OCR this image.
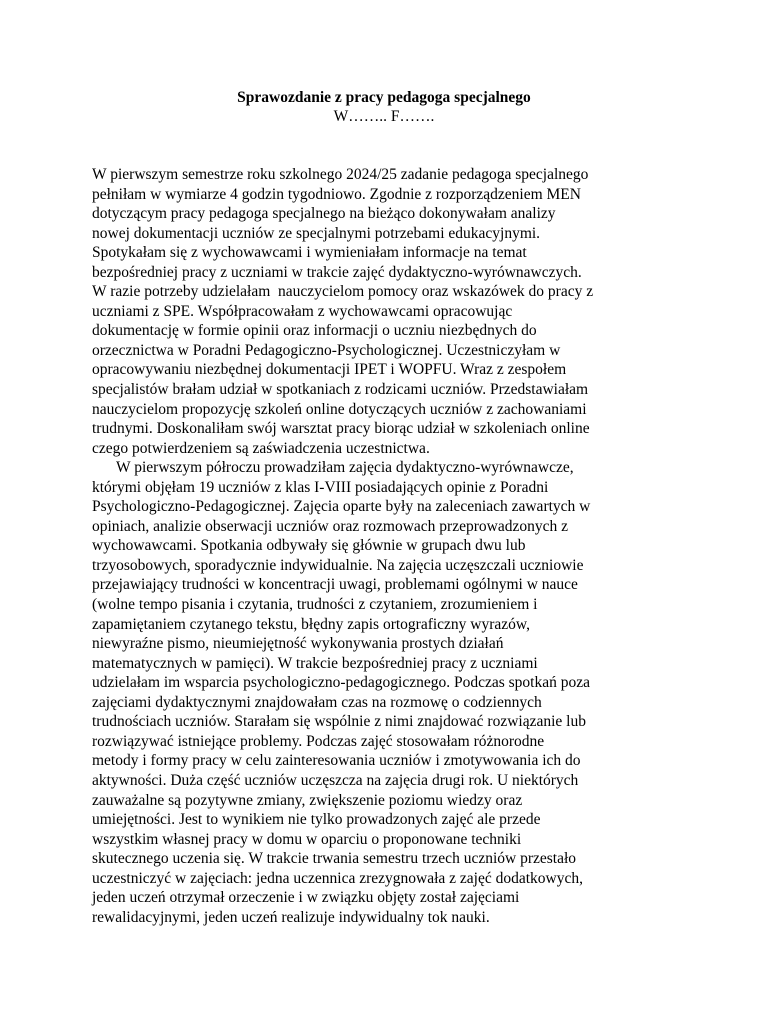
Sprawozdanie z pracy pedagoga specjalnego
W…….. F…….
W pierwszym semestrze roku szkolnego 2024/25 zadanie pedagoga specjalnego
pełniłam w wymiarze 4 godzin tygodniowo. Zgodnie z rozporządzeniem MEN
dotyczącym pracy pedagoga specjalnego na bieżąco dokonywałam analizy
nowej dokumentacji uczniów ze specjalnymi potrzebami edukacyjnymi.
Spotykałam się z wychowawcami i wymieniałam informacje na temat
bezpośredniej pracy z uczniami w trakcie zajęć dydaktyczno-wyrównawczych.
W razie potrzeby udzielałam  nauczycielom pomocy oraz wskazówek do pracy z
uczniami z SPE. Współpracowałam z wychowawcami opracowując
dokumentację w formie opinii oraz informacji o uczniu niezbędnych do
orzecznictwa w Poradni Pedagogiczno-Psychologicznej. Uczestniczyłam w
opracowywaniu niezbędnej dokumentacji IPET i WOPFU. Wraz z zespołem
specjalistów brałam udział w spotkaniach z rodzicami uczniów. Przedstawiałam
nauczycielom propozycję szkoleń online dotyczących uczniów z zachowaniami
trudnymi. Doskonaliłam swój warsztat pracy biorąc udział w szkoleniach online
czego potwierdzeniem są zaświadczenia uczestnictwa.
W pierwszym półroczu prowadziłam zajęcia dydaktyczno-wyrównawcze,
którymi objęłam 19 uczniów z klas I-VIII posiadających opinie z Poradni
Psychologiczno-Pedagogicznej. Zajęcia oparte były na zaleceniach zawartych w
opiniach, analizie obserwacji uczniów oraz rozmowach przeprowadzonych z
wychowawcami. Spotkania odbywały się głównie w grupach dwu lub
trzyosobowych, sporadycznie indywidualnie. Na zajęcia uczęszczali uczniowie
przejawiający trudności w koncentracji uwagi, problemami ogólnymi w nauce
(wolne tempo pisania i czytania, trudności z czytaniem, zrozumieniem i
zapamiętaniem czytanego tekstu, błędny zapis ortograficzny wyrazów,
niewyraźne pismo, nieumiejętność wykonywania prostych działań
matematycznych w pamięci). W trakcie bezpośredniej pracy z uczniami
udzielałam im wsparcia psychologiczno-pedagogicznego. Podczas spotkań poza
zajęciami dydaktycznymi znajdowałam czas na rozmowę o codziennych
trudnościach uczniów. Starałam się wspólnie z nimi znajdować rozwiązanie lub
rozwiązywać istniejące problemy. Podczas zajęć stosowałam różnorodne
metody i formy pracy w celu zainteresowania uczniów i zmotywowania ich do
aktywności. Duża część uczniów uczęszcza na zajęcia drugi rok. U niektórych
zauważalne są pozytywne zmiany, zwiększenie poziomu wiedzy oraz
umiejętności. Jest to wynikiem nie tylko prowadzonych zajęć ale przede
wszystkim własnej pracy w domu w oparciu o proponowane techniki
skutecznego uczenia się. W trakcie trwania semestru trzech uczniów przestało
uczestniczyć w zajęciach: jedna uczennica zrezygnowała z zajęć dodatkowych,
jeden uczeń otrzymał orzeczenie i w związku objęty został zajęciami
rewalidacyjnymi, jeden uczeń realizuje indywidualny tok nauki.
